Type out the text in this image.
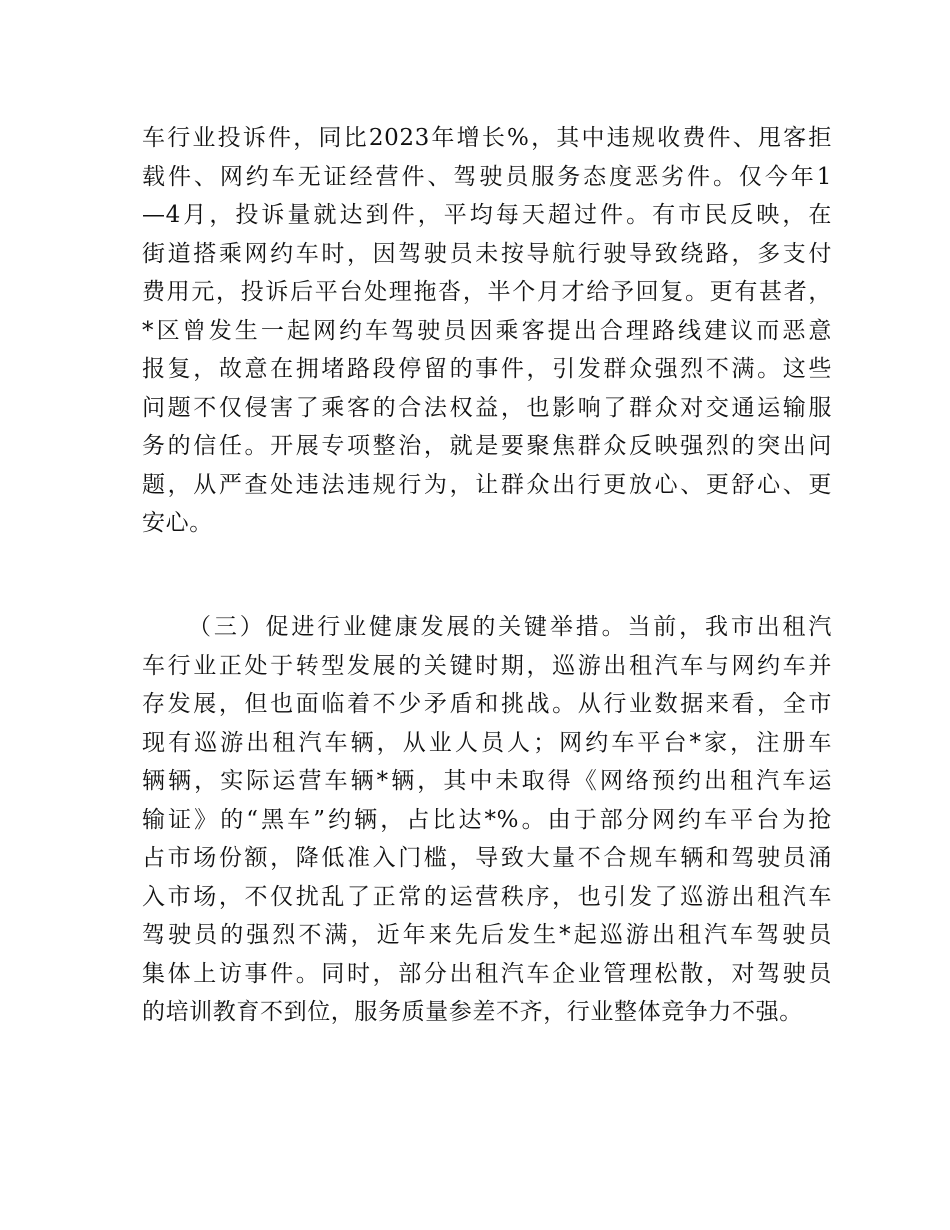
车行业投诉件，同比2023年增长%，其中违规收费件、甩客拒
载件、网约车无证经营件、驾驶员服务态度恶劣件。仅今年1
—4月，投诉量就达到件，平均每天超过件。有市民反映，在
街道搭乘网约车时，因驾驶员未按导航行驶导致绕路，多支付
费用元，投诉后平台处理拖沓，半个月才给予回复。更有甚者，
*区曾发生一起网约车驾驶员因乘客提出合理路线建议而恶意
报复，故意在拥堵路段停留的事件，引发群众强烈不满。这些
问题不仅侵害了乘客的合法权益，也影响了群众对交通运输服
务的信任。开展专项整治，就是要聚焦群众反映强烈的突出问
题，从严查处违法违规行为，让群众出行更放心、更舒心、更
安心。
（三）促进行业健康发展的关键举措。当前，我市出租汽
车行业正处于转型发展的关键时期，巡游出租汽车与网约车并
存发展，但也面临着不少矛盾和挑战。从行业数据来看，全市
现有巡游出租汽车辆，从业人员人；网约车平台*家，注册车
辆辆，实际运营车辆*辆，其中未取得《网络预约出租汽车运
输证》的“黑车”约辆，占比达*%。由于部分网约车平台为抢
占市场份额，降低准入门槛，导致大量不合规车辆和驾驶员涌
入市场，不仅扰乱了正常的运营秩序，也引发了巡游出租汽车
驾驶员的强烈不满，近年来先后发生*起巡游出租汽车驾驶员
集体上访事件。同时，部分出租汽车企业管理松散，对驾驶员
的培训教育不到位，服务质量参差不齐，行业整体竞争力不强。
